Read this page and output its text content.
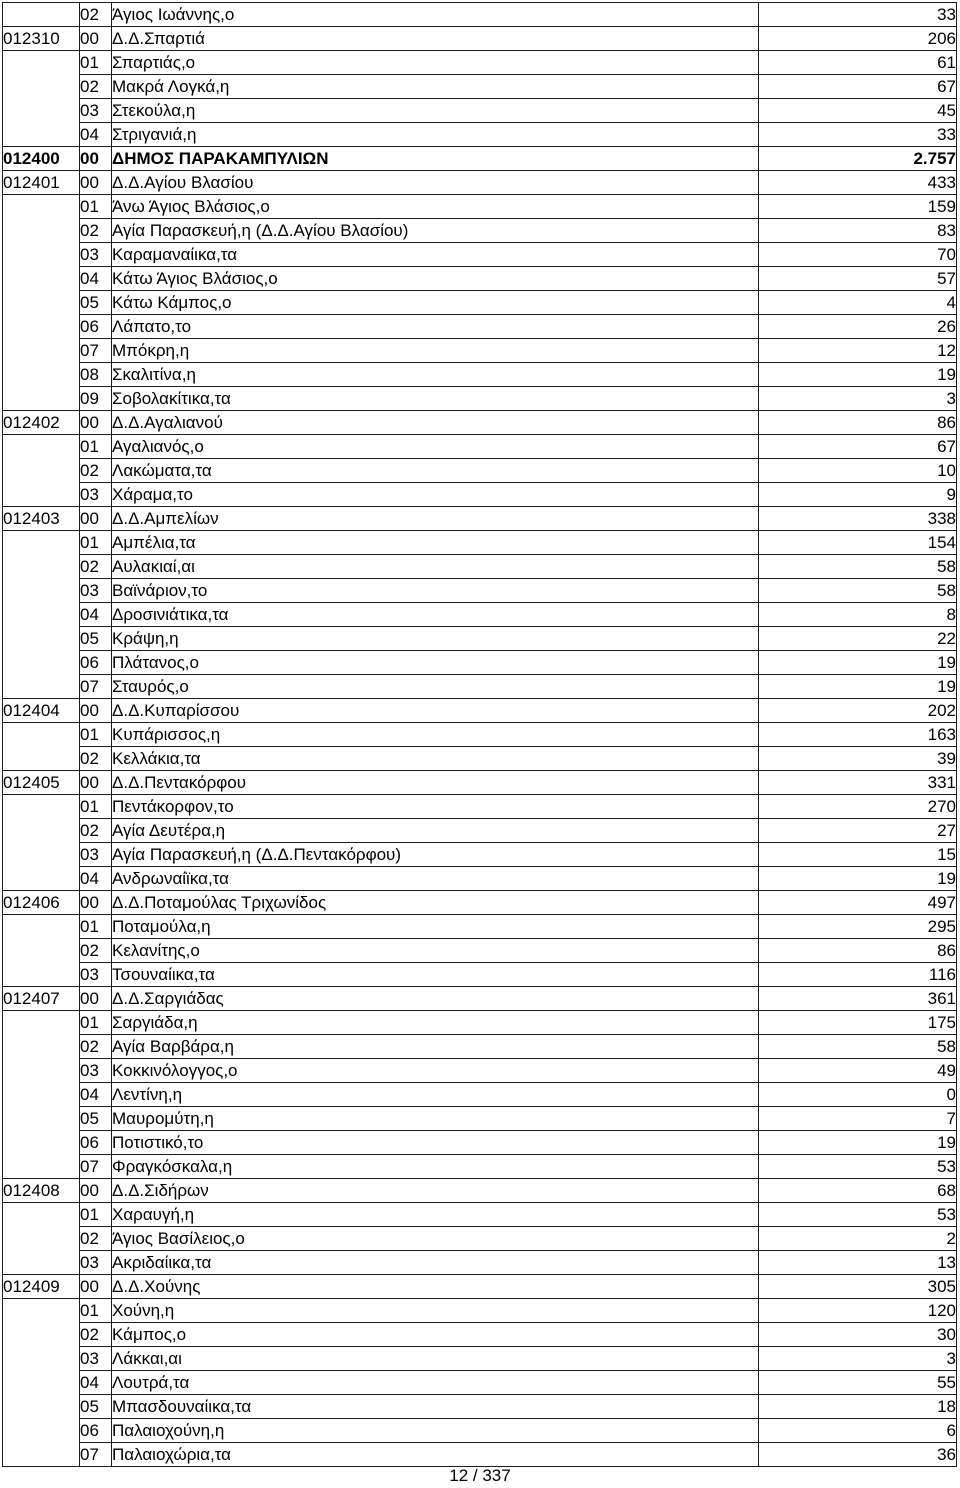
	02	Άγιος Ιωάννης,ο	33
012310	00	Δ.Δ.Σπαρτιά	206
	01	Σπαρτιάς,ο	61
	02	Μακρά Λογκά,η	67
	03	Στεκούλα,η	45
	04	Στριγανιά,η	33
012400	00	ΔΗΜΟΣ ΠΑΡΑΚΑΜΠΥΛΙΩΝ	2.757
012401	00	Δ.Δ.Αγίου Βλασίου	433
	01	Άνω Άγιος Βλάσιος,ο	159
	02	Αγία Παρασκευή,η (Δ.Δ.Αγίου Βλασίου)	83
	03	Καραμαναίικα,τα	70
	04	Κάτω Άγιος Βλάσιος,ο	57
	05	Κάτω Κάμπος,ο	4
	06	Λάπατο,το	26
	07	Μπόκρη,η	12
	08	Σκαλιτίνα,η	19
	09	Σοβολακίτικα,τα	3
012402	00	Δ.Δ.Αγαλιανού	86
	01	Αγαλιανός,ο	67
	02	Λακώματα,τα	10
	03	Χάραμα,το	9
012403	00	Δ.Δ.Αμπελίων	338
	01	Αμπέλια,τα	154
	02	Αυλακιαί,αι	58
	03	Βαϊνάριον,το	58
	04	Δροσινιάτικα,τα	8
	05	Κράψη,η	22
	06	Πλάτανος,ο	19
	07	Σταυρός,ο	19
012404	00	Δ.Δ.Κυπαρίσσου	202
	01	Κυπάρισσος,η	163
	02	Κελλάκια,τα	39
012405	00	Δ.Δ.Πεντακόρφου	331
	01	Πεντάκορφον,το	270
	02	Αγία Δευτέρα,η	27
	03	Αγία Παρασκευή,η (Δ.Δ.Πεντακόρφου)	15
	04	Ανδρωναίϊκα,τα	19
012406	00	Δ.Δ.Ποταμούλας Τριχωνίδος	497
	01	Ποταμούλα,η	295
	02	Κελανίτης,ο	86
	03	Τσουναίικα,τα	116
012407	00	Δ.Δ.Σαργιάδας	361
	01	Σαργιάδα,η	175
	02	Αγία Βαρβάρα,η	58
	03	Κοκκινόλογγος,ο	49
	04	Λεντίνη,η	0
	05	Μαυρομύτη,η	7
	06	Ποτιστικό,το	19
	07	Φραγκόσκαλα,η	53
012408	00	Δ.Δ.Σιδήρων	68
	01	Χαραυγή,η	53
	02	Άγιος Βασίλειος,ο	2
	03	Ακριδαίικα,τα	13
012409	00	Δ.Δ.Χούνης	305
	01	Χούνη,η	120
	02	Κάμπος,ο	30
	03	Λάκκαι,αι	3
	04	Λουτρά,τα	55
	05	Μπασδουναίικα,τα	18
	06	Παλαιοχούνη,η	6
	07	Παλαιοχώρια,τα	36
12 / 337
